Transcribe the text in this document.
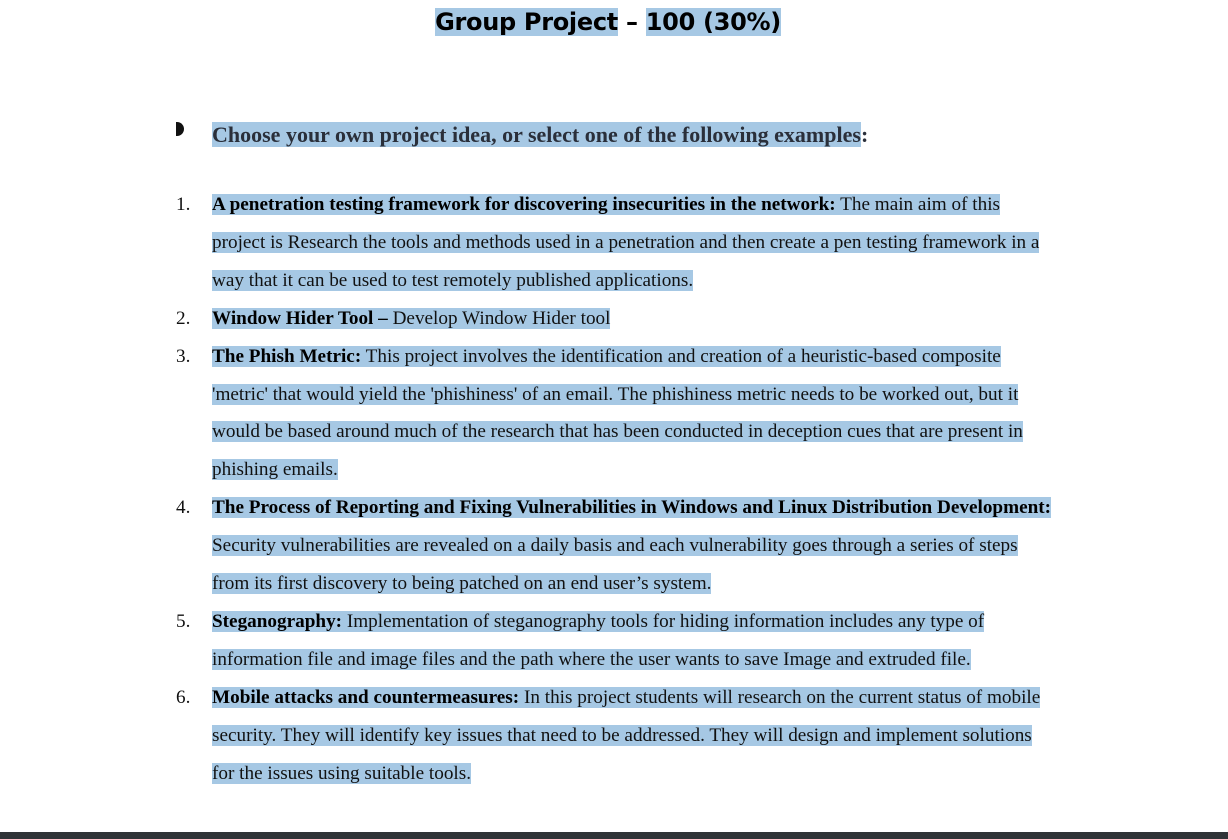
Group Project – 100 (30%)
Choose your own project idea, or select one of the following examples:
1.	A penetration testing framework for discovering insecurities in the network: The main aim of this project is Research the tools and methods used in a penetration and then create a pen testing framework in a way that it can be used to test remotely published applications.
2.	Window Hider Tool – Develop Window Hider tool
3.	The Phish Metric: This project involves the identification and creation of a heuristic-based composite 'metric' that would yield the 'phishiness' of an email. The phishiness metric needs to be worked out, but it would be based around much of the research that has been conducted in deception cues that are present in phishing emails.
4.	The Process of Reporting and Fixing Vulnerabilities in Windows and Linux Distribution Development: Security vulnerabilities are revealed on a daily basis and each vulnerability goes through a series of steps from its first discovery to being patched on an end user’s system.
5.	Steganography: Implementation of steganography tools for hiding information includes any type of information file and image files and the path where the user wants to save Image and extruded file.
6.	Mobile attacks and countermeasures: In this project students will research on the current status of mobile security. They will identify key issues that need to be addressed. They will design and implement solutions for the issues using suitable tools.
